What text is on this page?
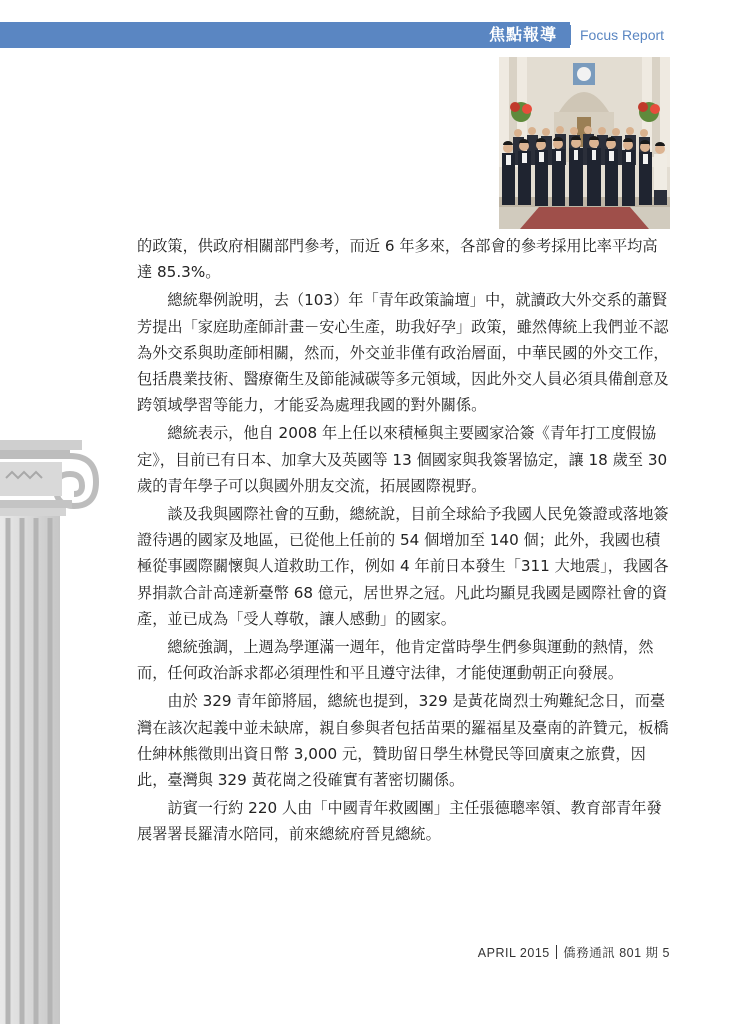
焦點報導 Focus Report

的政策，供政府相關部門參考，而近 6 年多來，各部會的參考採用比率平均高達 85.3%。

總統舉例說明，去（103）年「青年政策論壇」中，就讀政大外交系的蕭賢芳提出「家庭助產師計畫－安心生產，助我好孕」政策，雖然傳統上我們並不認為外交系與助產師相關，然而，外交並非僅有政治層面，中華民國的外交工作，包括農業技術、醫療衛生及節能減碳等多元領域，因此外交人員必須具備創意及跨領域學習等能力，才能妥為處理我國的對外關係。

總統表示，他自 2008 年上任以來積極與主要國家洽簽《青年打工度假協定》，目前已有日本、加拿大及英國等 13 個國家與我簽署協定，讓 18 歲至 30 歲的青年學子可以與國外朋友交流，拓展國際視野。

談及我與國際社會的互動，總統說，目前全球給予我國人民免簽證或落地簽證待遇的國家及地區，已從他上任前的 54 個增加至 140 個；此外，我國也積極從事國際關懷與人道救助工作，例如 4 年前日本發生「311 大地震」，我國各界捐款合計高達新臺幣 68 億元，居世界之冠。凡此均顯見我國是國際社會的資產，並已成為「受人尊敬，讓人感動」的國家。

總統強調，上週為學運滿一週年，他肯定當時學生們參與運動的熱情，然而，任何政治訴求都必須理性和平且遵守法律，才能使運動朝正向發展。

由於 329 青年節將屆，總統也提到，329 是黃花崗烈士殉難紀念日，而臺灣在該次起義中並未缺席，親自參與者包括苗栗的羅福星及臺南的許贊元，板橋仕紳林熊徵則出資日幣 3,000 元，贊助留日學生林覺民等回廣東之旅費，因此，臺灣與 329 黃花崗之役確實有著密切關係。

訪賓一行約 220 人由「中國青年救國團」主任張德聰率領、教育部青年發展署署長羅清水陪同，前來總統府晉見總統。

APRIL 2015 僑務通訊 801 期 5
